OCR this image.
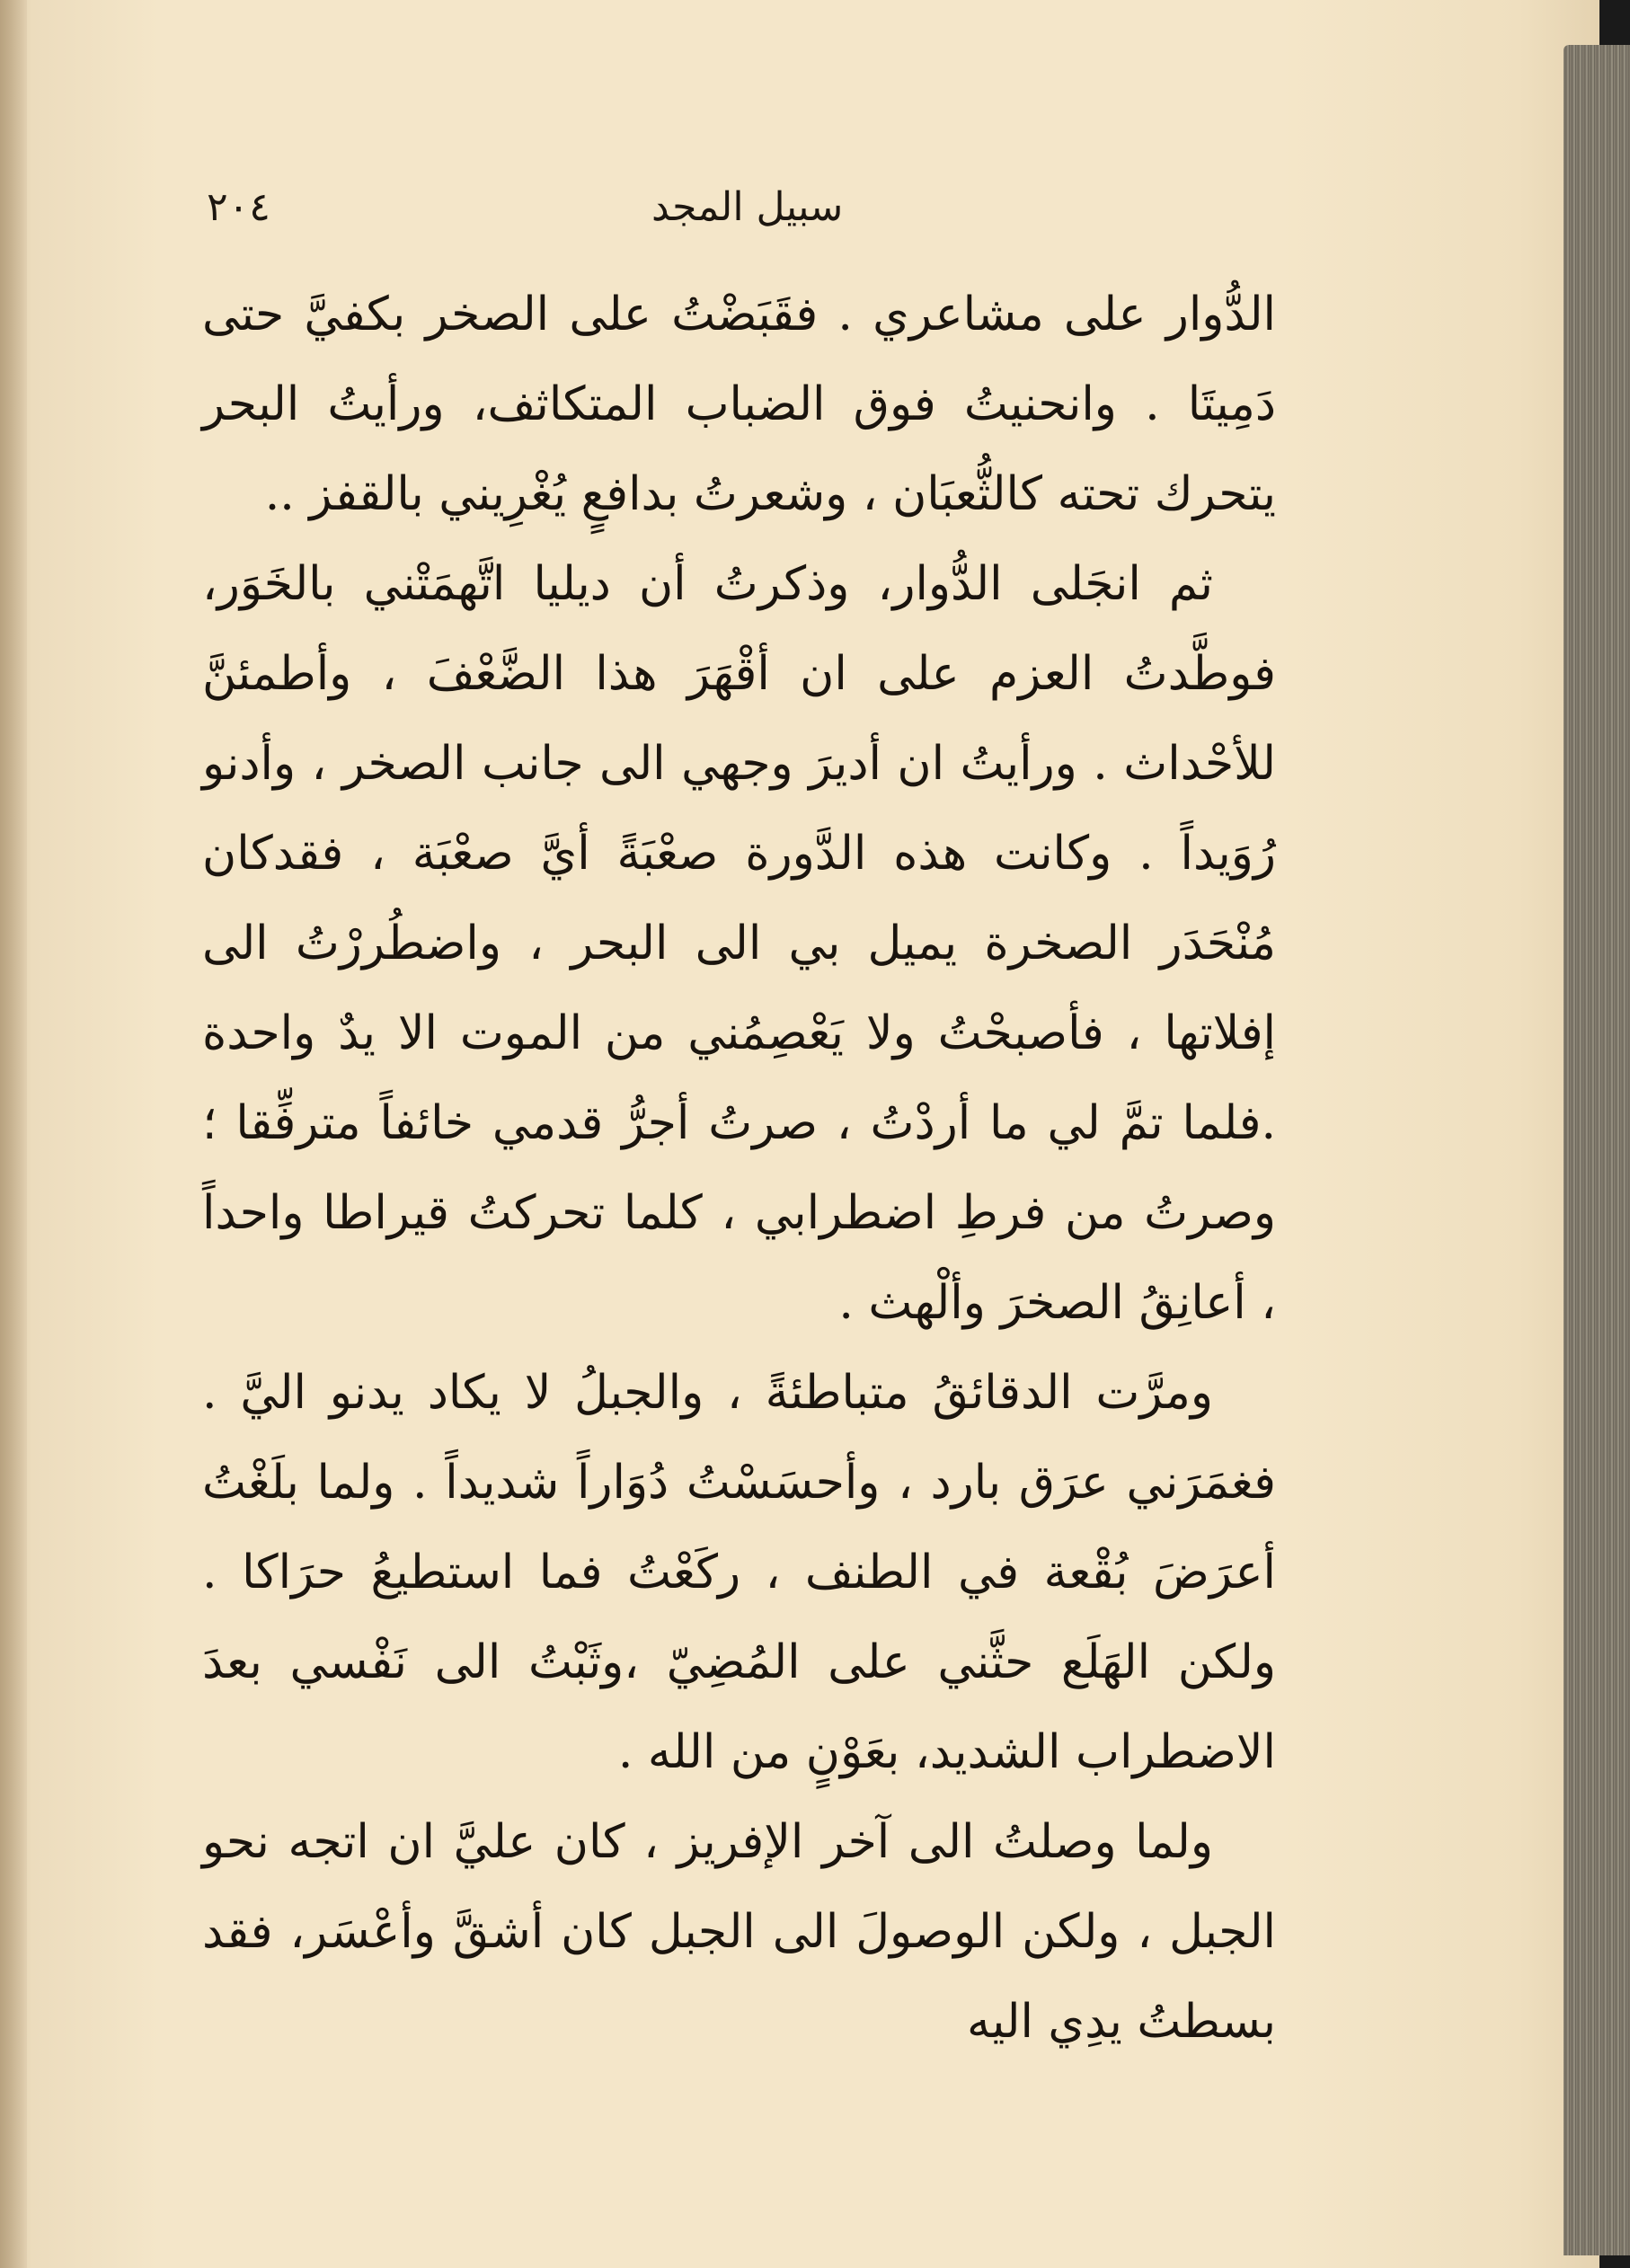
٢٠٤	سبيل المجد

الدُّوار على مشاعري . فقَبَضْتُ على الصخر بكفيَّ حتى دَمِيتَا . وانحنيتُ فوق الضباب المتكاثف، ورأيتُ البحر يتحرك تحته كالثُّعبَان ، وشعرتُ بدافعٍ يُغْرِيني بالقفز ..

ثم انجَلى الدُّوار، وذكرتُ أن ديليا اتَّهمَتْني بالخَوَر، فوطَّدتُ العزم على ان أقْهَرَ هذا الضَّعْفَ ، وأطمئنَّ للأحْداث . ورأيتُ ان أديرَ وجهي الى جانب الصخر ، وأدنو رُوَيداً . وكانت هذه الدَّورة صعْبَةً أيَّ صعْبَة ، فقدكان مُنْحَدَر الصخرة يميل بي الى البحر ، واضطُررْتُ الى إفلاتها ، فأصبحْتُ ولا يَعْصِمُني من الموت الا يدٌ واحدة .فلما تمَّ لي ما أردْتُ ، صرتُ أجرُّ قدمي خائفاً مترفِّقا ؛ وصرتُ من فرطِ اضطرابي ، كلما تحركتُ قيراطا واحداً ، أعانِقُ الصخرَ وألْهث .

ومرَّت الدقائقُ متباطئةً ، والجبلُ لا يكاد يدنو اليَّ . فغمَرَني عرَق بارد ، وأحسَسْتُ دُوَاراً شديداً . ولما بلَغْتُ أعرَضَ بُقْعة في الطنف ، ركَعْتُ فما استطيعُ حرَاكا . ولكن الهَلَع حثَّني على المُضِيّ ،وثَبْتُ الى نَفْسي بعدَ الاضطراب الشديد، بعَوْنٍ من الله .

ولما وصلتُ الى آخر الإفريز ، كان عليَّ ان اتجه نحو الجبل ، ولكن الوصولَ الى الجبل كان أشقَّ وأعْسَر، فقد بسطتُ يدِي اليه
